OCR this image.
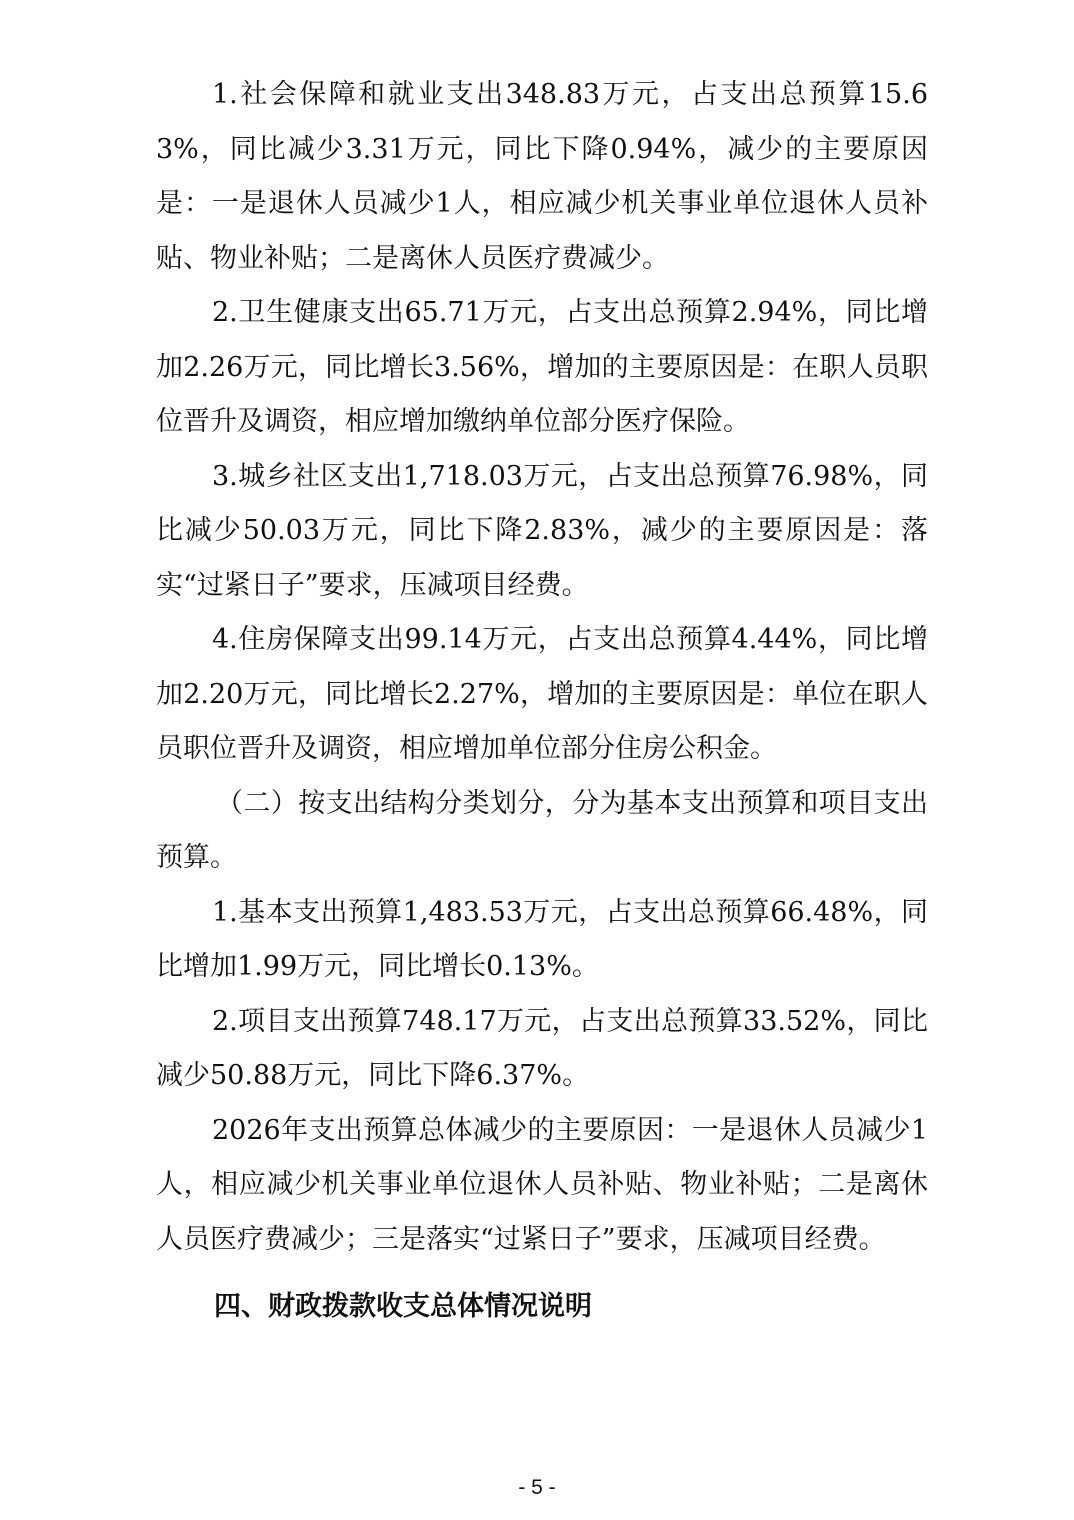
1.社会保障和就业支出348.83万元，占支出总预算15.63%，同比减少3.31万元，同比下降0.94%，减少的主要原因是：一是退休人员减少1人，相应减少机关事业单位退休人员补贴、物业补贴；二是离休人员医疗费减少。

2.卫生健康支出65.71万元，占支出总预算2.94%，同比增加2.26万元，同比增长3.56%，增加的主要原因是：在职人员职位晋升及调资，相应增加缴纳单位部分医疗保险。

3.城乡社区支出1,718.03万元，占支出总预算76.98%，同比减少50.03万元，同比下降2.83%，减少的主要原因是：落实“过紧日子”要求，压减项目经费。

4.住房保障支出99.14万元，占支出总预算4.44%，同比增加2.20万元，同比增长2.27%，增加的主要原因是：单位在职人员职位晋升及调资，相应增加单位部分住房公积金。

（二）按支出结构分类划分，分为基本支出预算和项目支出预算。

1.基本支出预算1,483.53万元，占支出总预算66.48%，同比增加1.99万元，同比增长0.13%。

2.项目支出预算748.17万元，占支出总预算33.52%，同比减少50.88万元，同比下降6.37%。

2026年支出预算总体减少的主要原因：一是退休人员减少1人，相应减少机关事业单位退休人员补贴、物业补贴；二是离休人员医疗费减少；三是落实“过紧日子”要求，压减项目经费。

四、财政拨款收支总体情况说明
- 5 -
